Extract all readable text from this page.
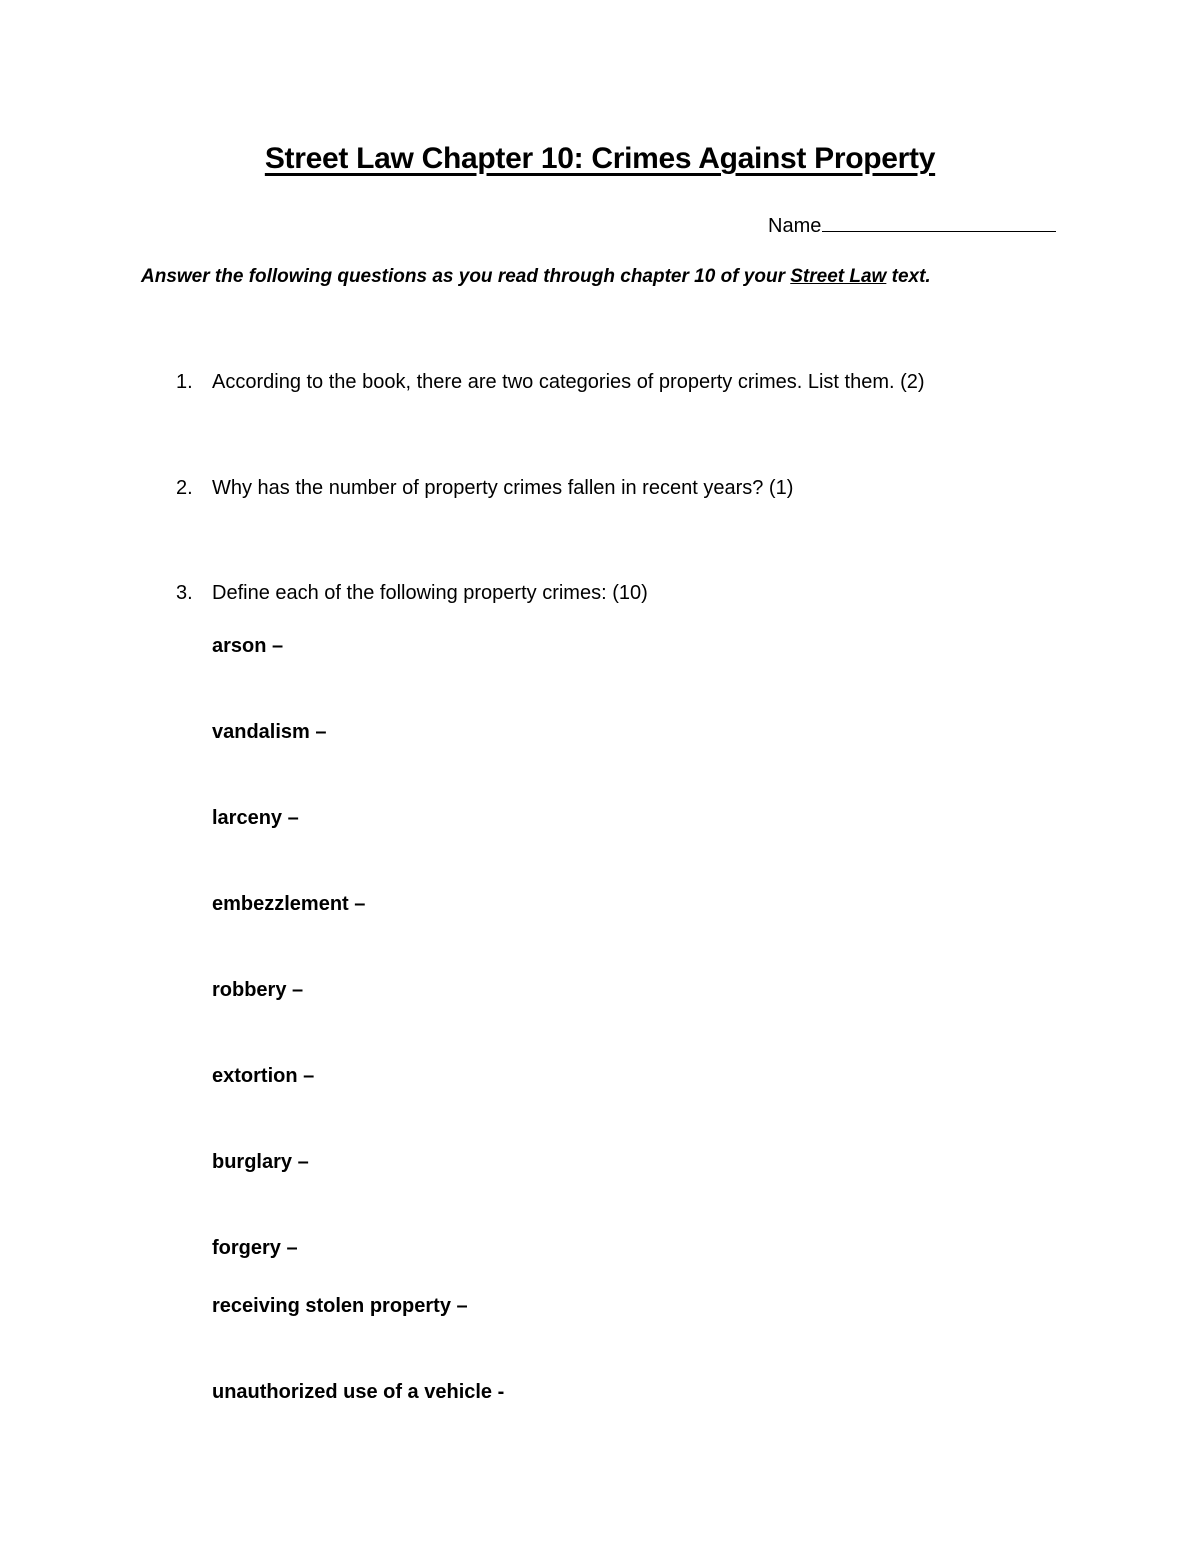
Street Law Chapter 10: Crimes Against Property
Name
Answer the following questions as you read through chapter 10 of your Street Law text.
1. According to the book, there are two categories of property crimes. List them. (2)
2. Why has the number of property crimes fallen in recent years? (1)
3. Define each of the following property crimes: (10)
arson –
vandalism –
larceny –
embezzlement –
robbery –
extortion –
burglary –
forgery –
receiving stolen property –
unauthorized use of a vehicle -
